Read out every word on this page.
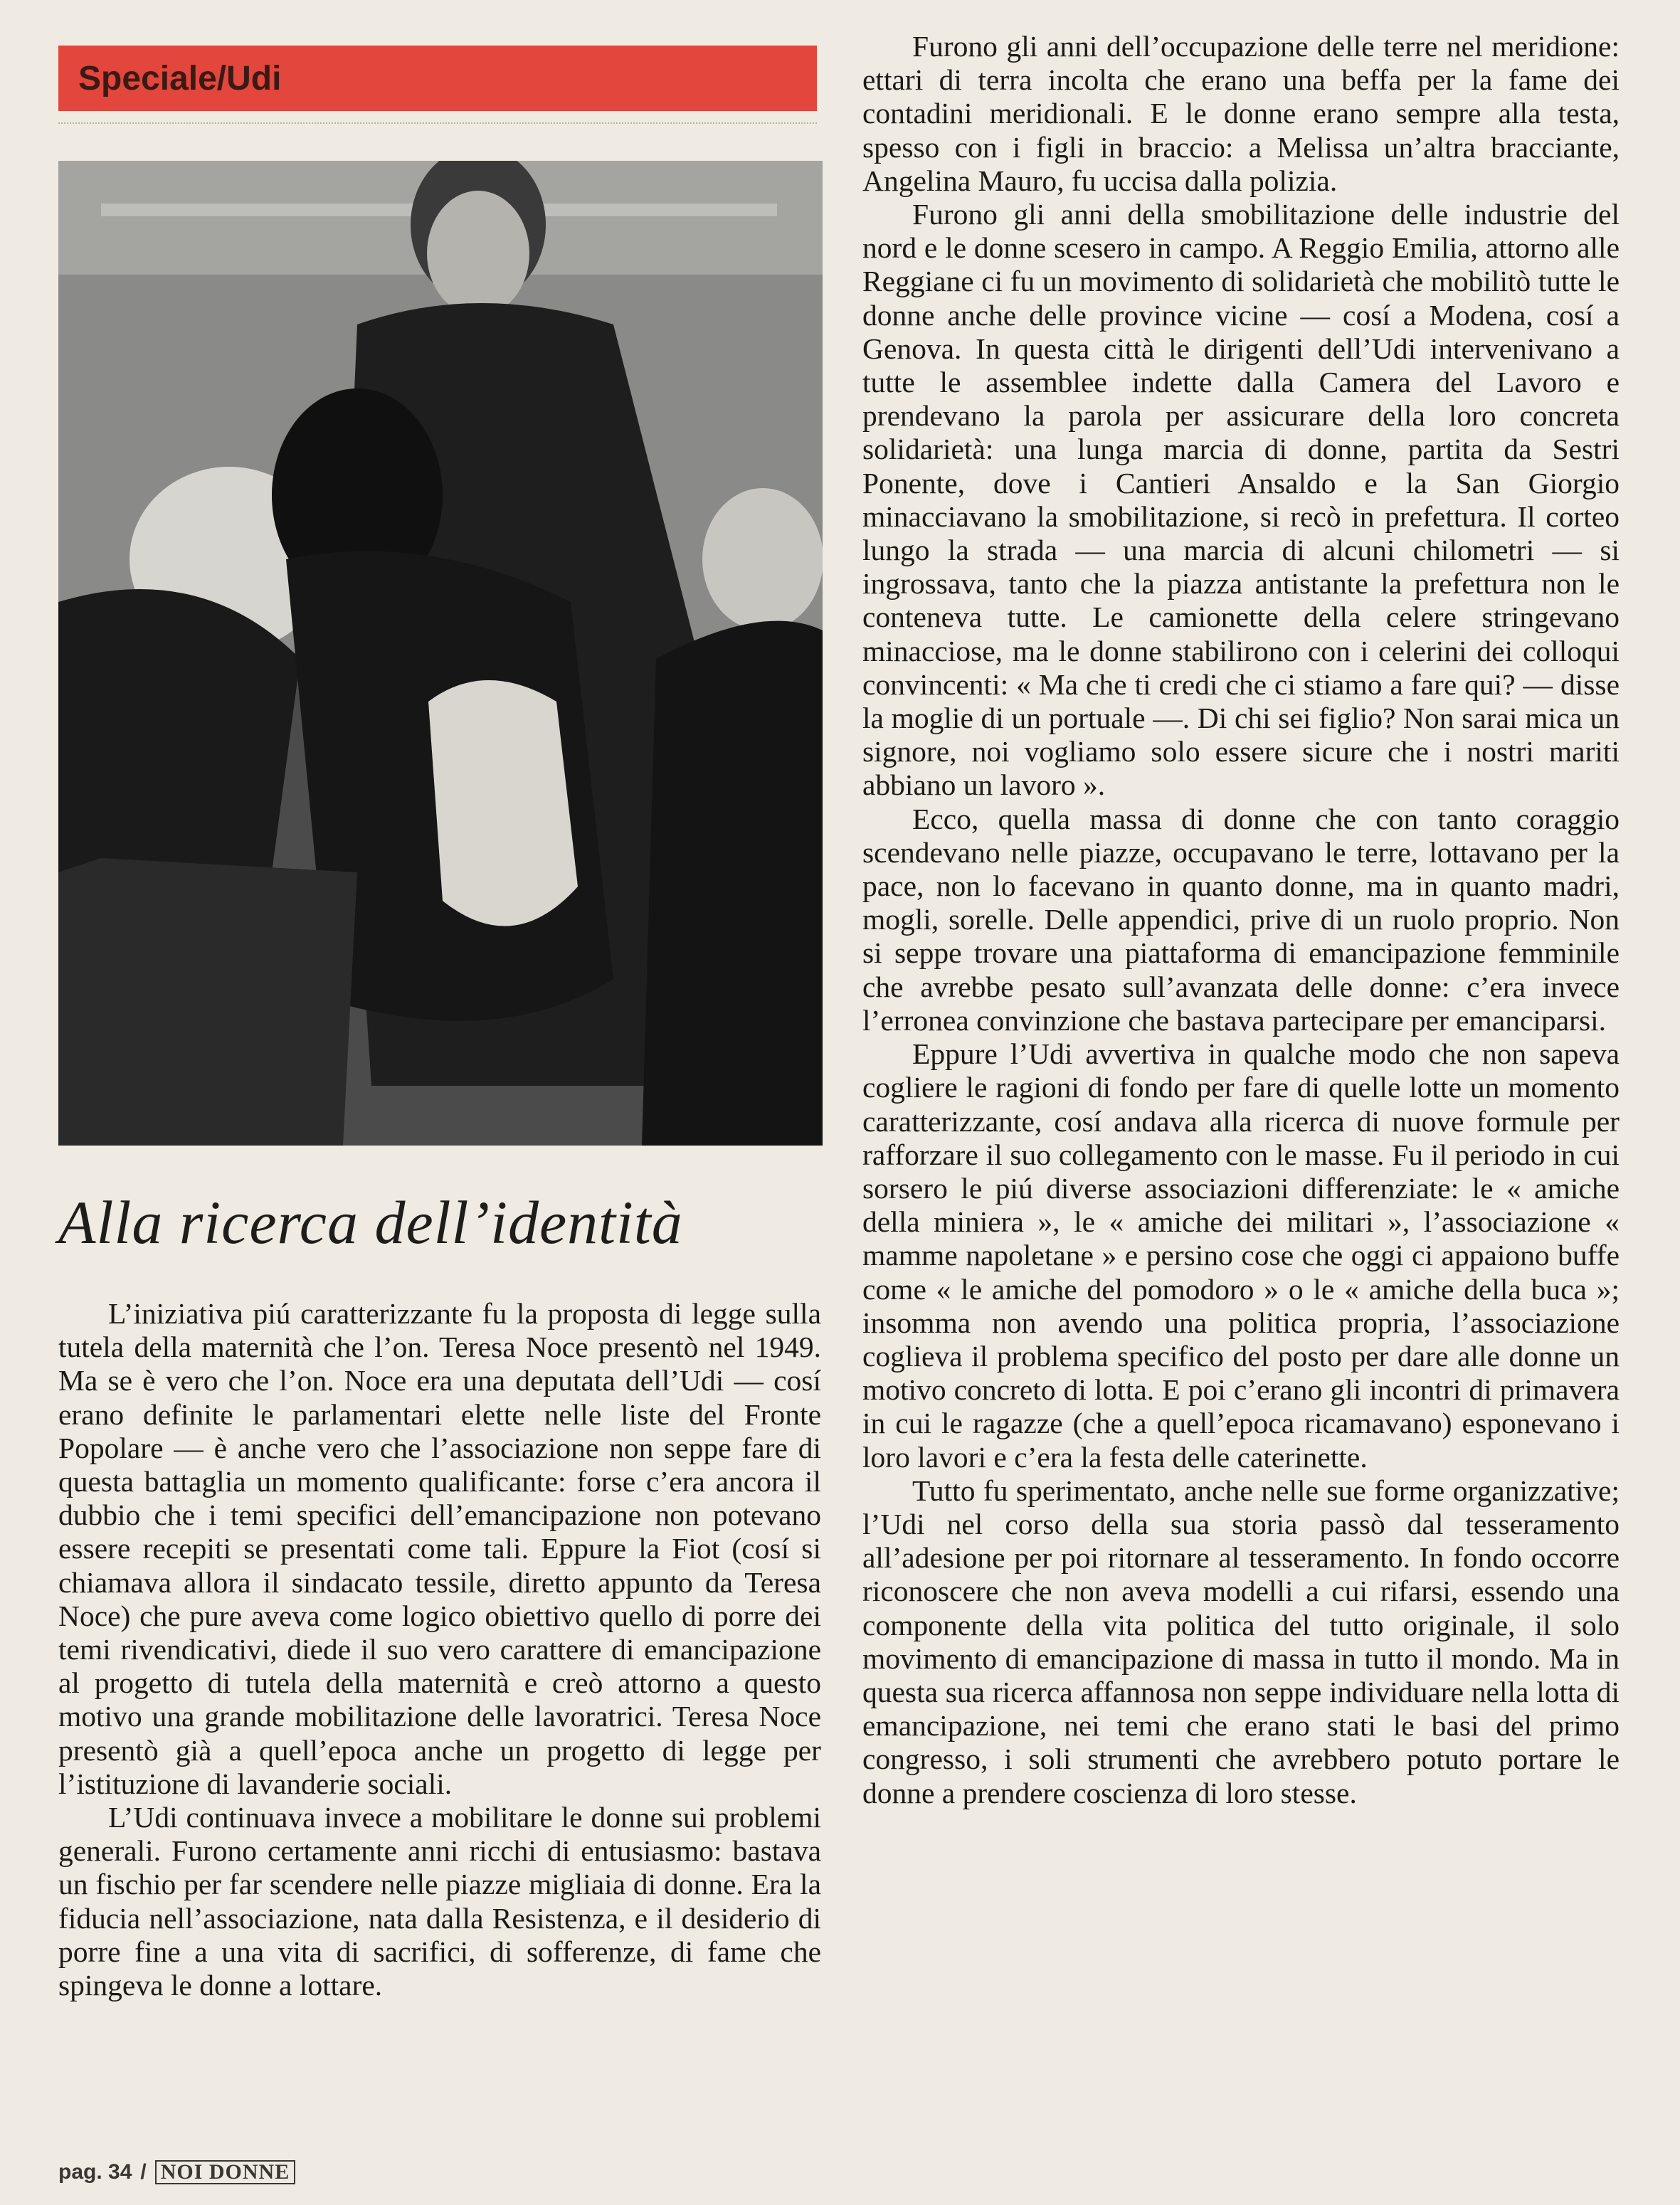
Speciale/Udi
Alla ricerca dell’identità

L’iniziativa piú caratterizzante fu la proposta di legge sulla tutela della maternità che l’on. Teresa Noce presentò nel 1949. Ma se è vero che l’on. Noce era una deputata dell’Udi — cosí erano definite le parlamentari elette nelle liste del Fronte Popolare — è anche vero che l’associazione non seppe fare di questa battaglia un momento qualificante: forse c’era ancora il dubbio che i temi specifici dell’emancipazione non potevano essere recepiti se presentati come tali. Eppure la Fiot (cosí si chiamava allora il sindacato tessile, diretto appunto da Teresa Noce) che pure aveva come logico obiettivo quello di porre dei temi rivendicativi, diede il suo vero carattere di emancipazione al progetto di tutela della maternità e creò attorno a questo motivo una grande mobilitazione delle lavoratrici. Teresa Noce presentò già a quell’epoca anche un progetto di legge per l’istituzione di lavanderie sociali.

L’Udi continuava invece a mobilitare le donne sui problemi generali. Furono certamente anni ricchi di entusiasmo: bastava un fischio per far scendere nelle piazze migliaia di donne. Era la fiducia nell’associazione, nata dalla Resistenza, e il desiderio di porre fine a una vita di sacrifici, di sofferenze, di fame che spingeva le donne a lottare.

Furono gli anni dell’occupazione delle terre nel meridione: ettari di terra incolta che erano una beffa per la fame dei contadini meridionali. E le donne erano sempre alla testa, spesso con i figli in braccio: a Melissa un’altra bracciante, Angelina Mauro, fu uccisa dalla polizia.

Furono gli anni della smobilitazione delle industrie del nord e le donne scesero in campo. A Reggio Emilia, attorno alle Reggiane ci fu un movimento di solidarietà che mobilitò tutte le donne anche delle province vicine — cosí a Modena, cosí a Genova. In questa città le dirigenti dell’Udi intervenivano a tutte le assemblee indette dalla Camera del Lavoro e prendevano la parola per assicurare della loro concreta solidarietà: una lunga marcia di donne, partita da Sestri Ponente, dove i Cantieri Ansaldo e la San Giorgio minacciavano la smobilitazione, si recò in prefettura. Il corteo lungo la strada — una marcia di alcuni chilometri — si ingrossava, tanto che la piazza antistante la prefettura non le conteneva tutte. Le camionette della celere stringevano minacciose, ma le donne stabilirono con i celerini dei colloqui convincenti: « Ma che ti credi che ci stiamo a fare qui? — disse la moglie di un portuale —. Di chi sei figlio? Non sarai mica un signore, noi vogliamo solo essere sicure che i nostri mariti abbiano un lavoro ».

Ecco, quella massa di donne che con tanto coraggio scendevano nelle piazze, occupavano le terre, lottavano per la pace, non lo facevano in quanto donne, ma in quanto madri, mogli, sorelle. Delle appendici, prive di un ruolo proprio. Non si seppe trovare una piattaforma di emancipazione femminile che avrebbe pesato sull’avanzata delle donne: c’era invece l’erronea convinzione che bastava partecipare per emanciparsi.

Eppure l’Udi avvertiva in qualche modo che non sapeva cogliere le ragioni di fondo per fare di quelle lotte un momento caratterizzante, cosí andava alla ricerca di nuove formule per rafforzare il suo collegamento con le masse. Fu il periodo in cui sorsero le piú diverse associazioni differenziate: le « amiche della miniera », le « amiche dei militari », l’associazione « mamme napoletane » e persino cose che oggi ci appaiono buffe come « le amiche del pomodoro » o le « amiche della buca »; insomma non avendo una politica propria, l’associazione coglieva il problema specifico del posto per dare alle donne un motivo concreto di lotta. E poi c’erano gli incontri di primavera in cui le ragazze (che a quell’epoca ricamavano) esponevano i loro lavori e c’era la festa delle caterinette.

Tutto fu sperimentato, anche nelle sue forme organizzative; l’Udi nel corso della sua storia passò dal tesseramento all’adesione per poi ritornare al tesseramento. In fondo occorre riconoscere che non aveva modelli a cui rifarsi, essendo una componente della vita politica del tutto originale, il solo movimento di emancipazione di massa in tutto il mondo. Ma in questa sua ricerca affannosa non seppe individuare nella lotta di emancipazione, nei temi che erano stati le basi del primo congresso, i soli strumenti che avrebbero potuto portare le donne a prendere coscienza di loro stesse.

pag. 34 / NOI DONNE
